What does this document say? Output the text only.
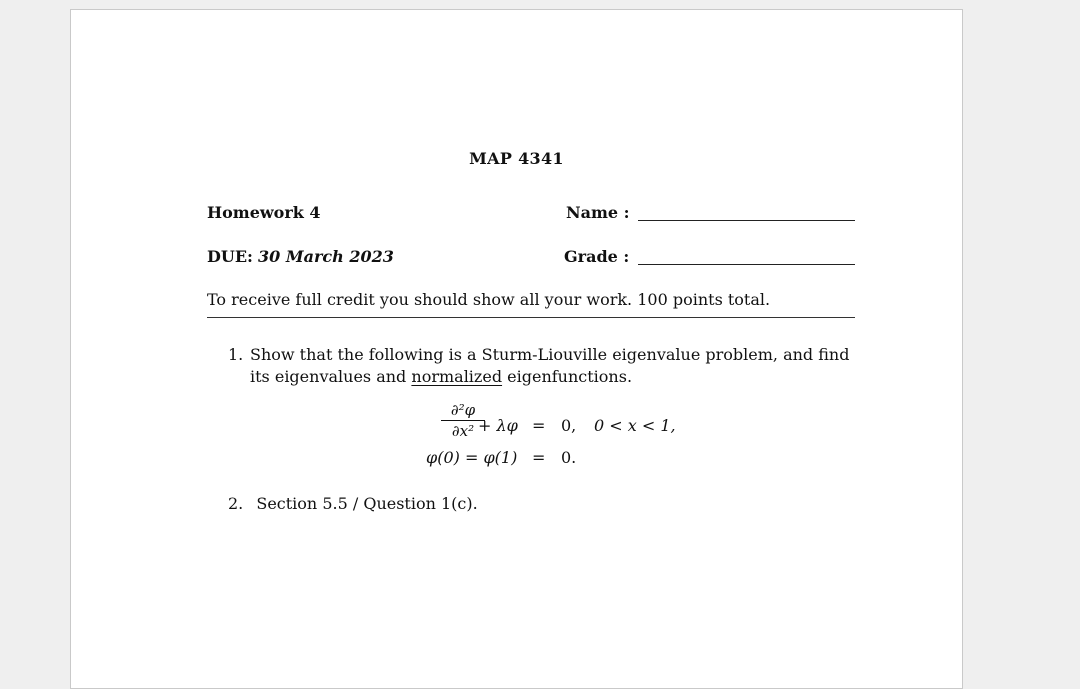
MAP 4341
Homework 4	Name :
DUE: 30 March 2023	Grade :
To receive full credit you should show all your work. 100 points total.
1. Show that the following is a Sturm-Liouville eigenvalue problem, and find its eigenvalues and normalized eigenfunctions.
∂²φ
∂x² + λφ = 0, 0 < x < 1,
φ(0) = φ(1) = 0.
2. Section 5.5 / Question 1(c).
